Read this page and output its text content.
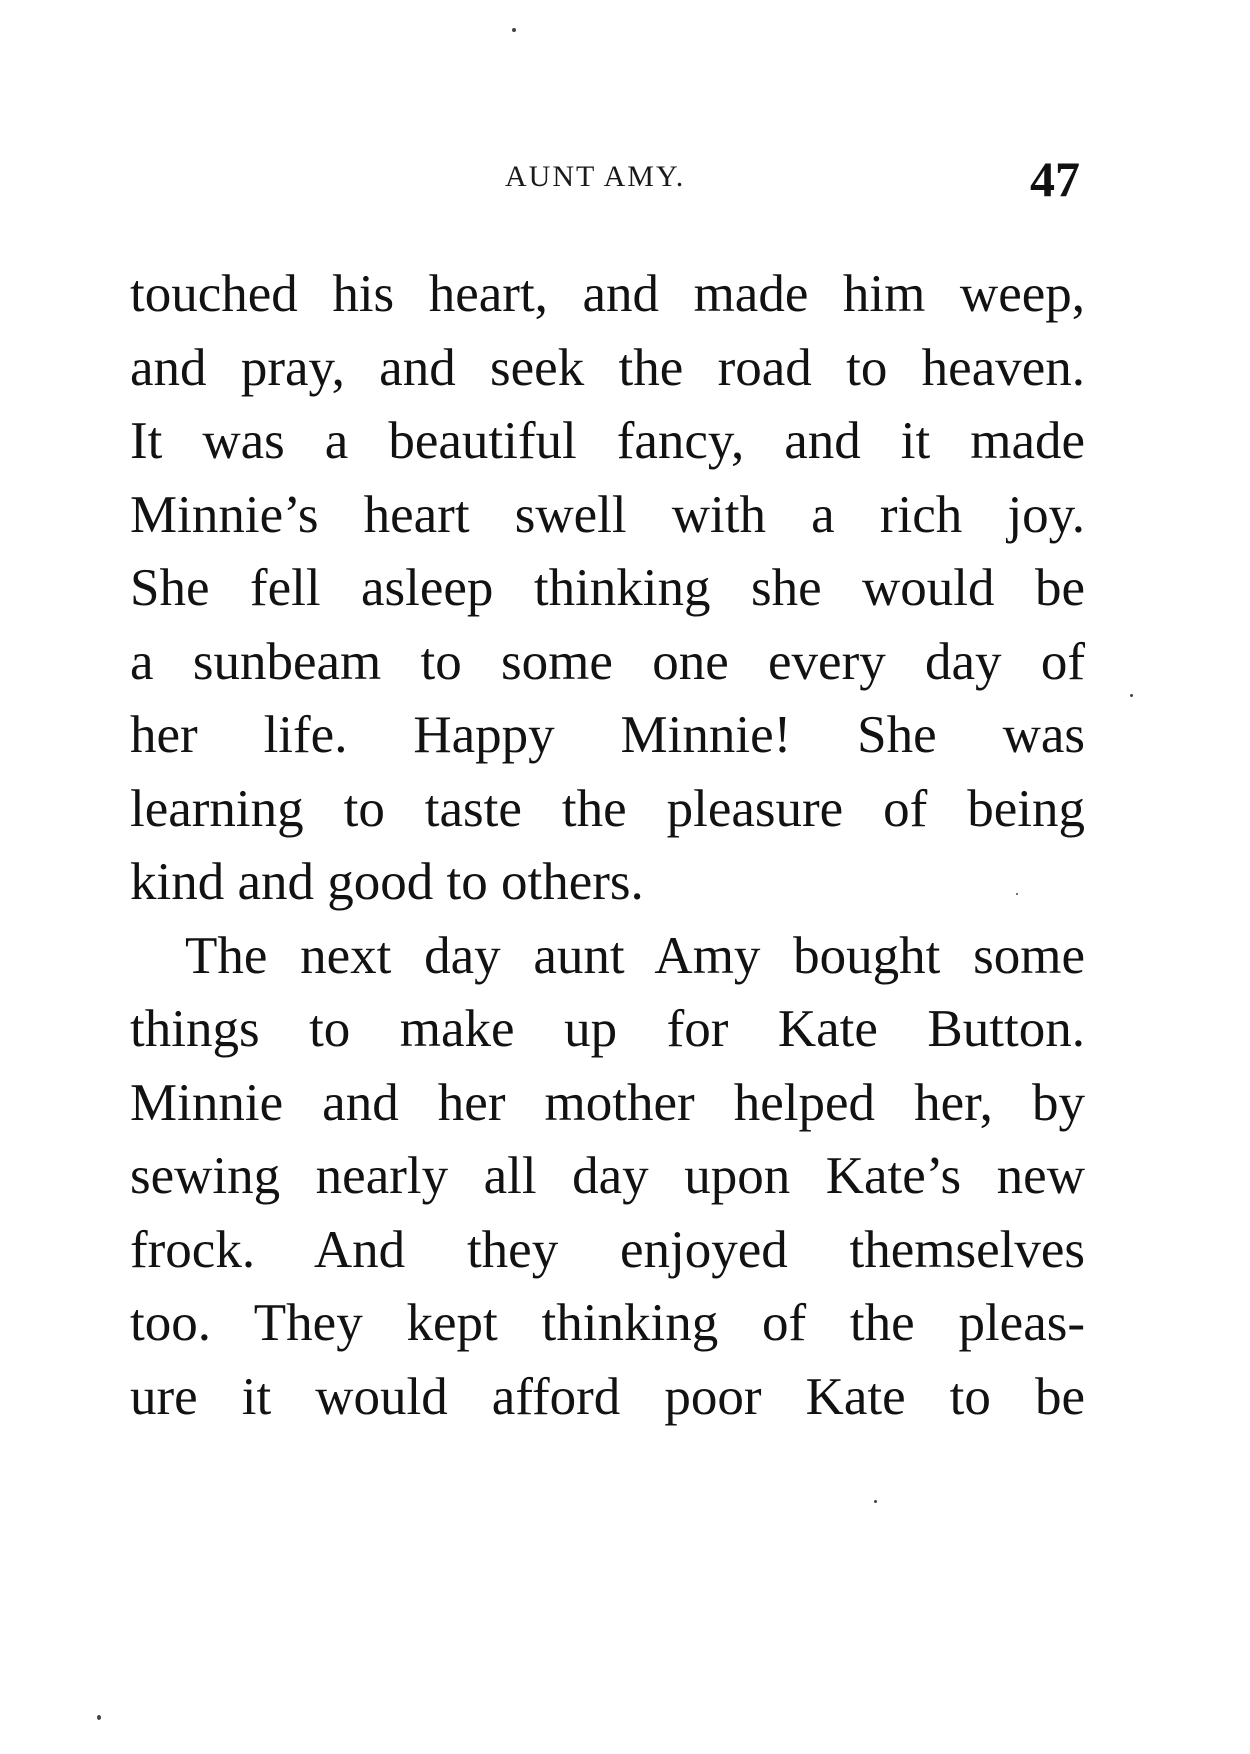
AUNT AMY.	47
touched his heart, and made him weep,
and pray, and seek the road to heaven.
It was a beautiful fancy, and it made
Minnie’s heart swell with a rich joy.
She fell asleep thinking she would be
a sunbeam to some one every day of
her life. Happy Minnie! She was
learning to taste the pleasure of being
kind and good to others.
The next day aunt Amy bought some
things to make up for Kate Button.
Minnie and her mother helped her, by
sewing nearly all day upon Kate’s new
frock. And they enjoyed themselves
too. They kept thinking of the pleas-
ure it would afford poor Kate to be
